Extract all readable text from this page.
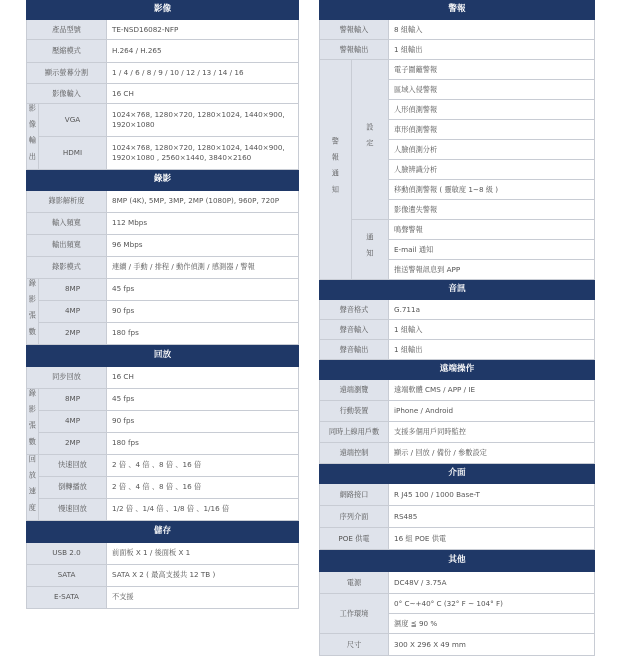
影像		
產品型號		TE-NSD16082-NFP
壓縮模式		H.264 / H.265
顯示螢幕分割		1 / 4 / 6 / 8 / 9 / 10 / 12 / 13 / 14 / 16
影像輸入		16 CH
影像輸出	VGA	1024×768, 1280×720, 1280×1024, 1440×900, 1920×1080
	HDMI	1024×768, 1280×720, 1280×1024, 1440×900, 1920×1080 , 2560×1440, 3840×2160
錄影		
錄影解析度		8MP (4K), 5MP, 3MP, 2MP (1080P), 960P, 720P
輸入頻寬		112 Mbps
輸出頻寬		96 Mbps
錄影模式		連續 / 手動 / 排程 / 動作偵測 / 感測器 / 警報
錄影張數	8MP	45 fps
	4MP	90 fps
	2MP	180 fps
回放		
同步回放		16 CH
錄影張數	8MP	45 fps
	4MP	90 fps
	2MP	180 fps
回放速度	快速回放	2 倍 、4 倍 、8 倍 、16 倍
	倒轉播放	2 倍 、4 倍 、8 倍 、16 倍
	慢速回放	1/2 倍 、1/4 倍 、1/8 倍 、1/16 倍
儲存		
USB 2.0		前面板 X 1 / 後面板 X 1
SATA		SATA X 2 ( 最高支援共 12 TB )
E-SATA		不支援
警報		
警報輸入		8 組輸入
警報輸出		1 組輸出
警報通知	設定	電子圍籬警報
		區域入侵警報
		人形偵測警報
		車形偵測警報
		人臉偵測分析
		人臉辨識分析
		移動偵測警報 ( 靈敏度 1~8 級 )
		影像遺失警報
	通知	鳴聲警報
		E-mail 通知
		推送警報訊息到 APP
音訊		
聲音格式		G.711a
聲音輸入		1 組輸入
聲音輸出		1 組輸出
遠端操作		
遠端瀏覽		遠端軟體 CMS / APP / IE
行動裝置		iPhone / Android
同時上線用戶數		支援多個用戶同時監控
遠端控制		顯示 / 回放 / 備份 / 參數設定
介面		
網路接口		R J45 100 / 1000 Base-T
序列介面		RS485
POE 供電		16 組 POE 供電
其他		
電源		DC48V / 3.75A
工作環境		0° C~+40° C (32° F ~ 104° F)
		濕度 ≦ 90 %
尺寸		300 X 296 X 49 mm
